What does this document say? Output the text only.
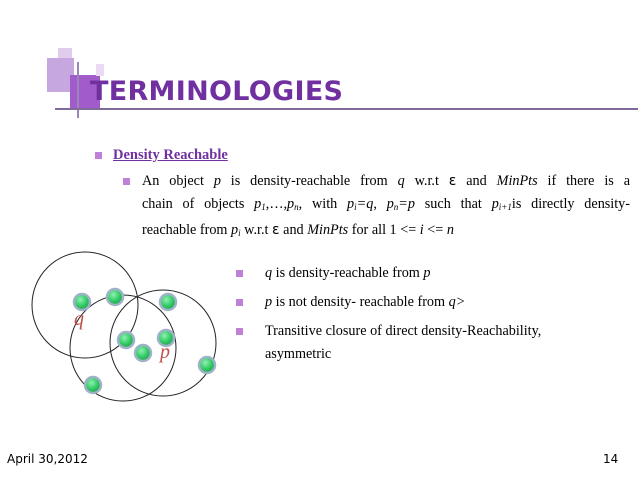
TERMINOLOGIES
Density Reachable
An object p is density-reachable from q w.r.t ε and MinPts if there is a
chain of objects $p_1,\dots,p_n$, with $p_i=q$, $p_n=p$ such that $p_{i+1}is$ directly density-
reachable from $p_i$ w.r.t ε and MinPts for all 1 <= i <= n
q is density-reachable from p
p is not density- reachable from q>
Transitive closure of direct density-Reachability,
asymmetric
q
p
April 30,2012	14
